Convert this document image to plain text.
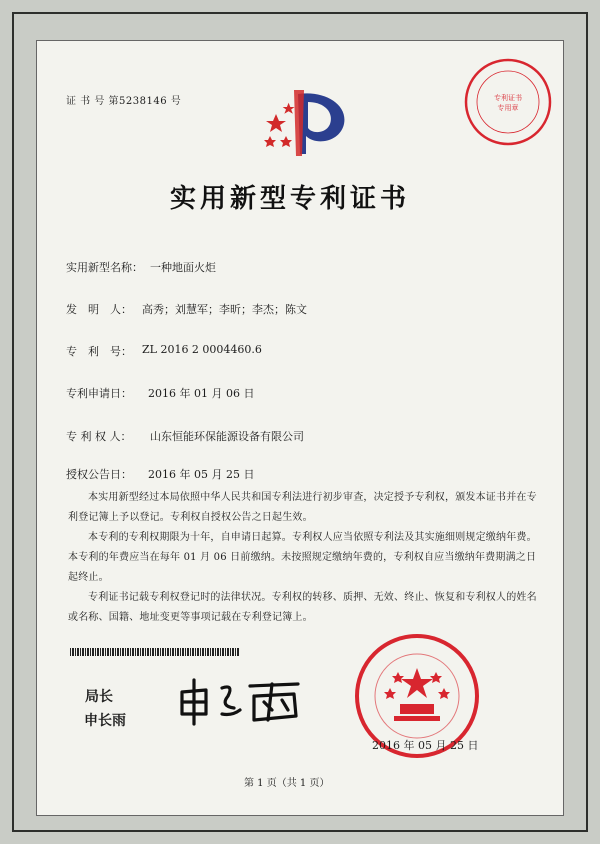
证 书 号 第5238146 号	专利证书
专用章
实用新型专利证书
实用新型名称： 一种地面火炬
发　明　人： 高秀；刘慧军；李昕；李杰；陈文
专　利　号： ZL 2016 2 0004460.6
专利申请日： 2016 年 01 月 06 日
专 利 权 人： 山东恒能环保能源设备有限公司
授权公告日： 2016 年 05 月 25 日
本实用新型经过本局依照中华人民共和国专利法进行初步审查，决定授予专利权，颁发本证书并在专利登记簿上予以登记。专利权自授权公告之日起生效。
本专利的专利权期限为十年，自申请日起算。专利权人应当依照专利法及其实施细则规定缴纳年费。本专利的年费应当在每年 01 月 06 日前缴纳。未按照规定缴纳年费的，专利权自应当缴纳年费期满之日起终止。
专利证书记载专利权登记时的法律状况。专利权的转移、质押、无效、终止、恢复和专利权人的姓名或名称、国籍、地址变更等事项记载在专利登记簿上。
局长
申长雨
2016 年 05 月 25 日
第 1 页（共 1 页）
